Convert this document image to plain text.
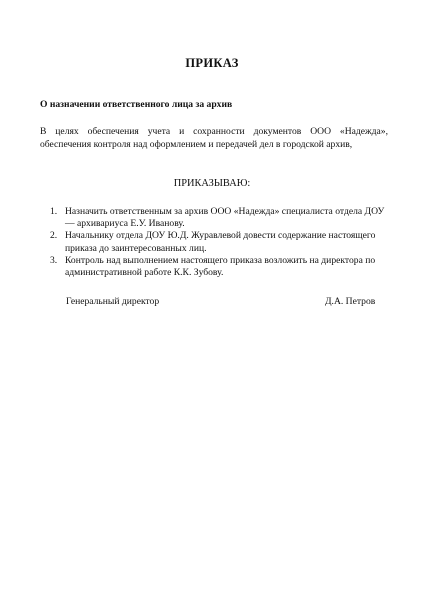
ПРИКАЗ
О назначении ответственного лица за архив
В целях обеспечения учета и сохранности документов ООО «Надежда», обеспечения контроля над оформлением и передачей дел в городской архив,
ПРИКАЗЫВАЮ:
1. Назначить ответственным за архив ООО «Надежда» специалиста отдела ДОУ — архивариуса Е.У. Иванову.
2. Начальнику отдела ДОУ Ю.Д. Журавлевой довести содержание настоящего приказа до заинтересованных лиц.
3. Контроль над выполнением настоящего приказа возложить на директора по административной работе К.К. Зубову.
Генеральный директор	Д.А. Петров
